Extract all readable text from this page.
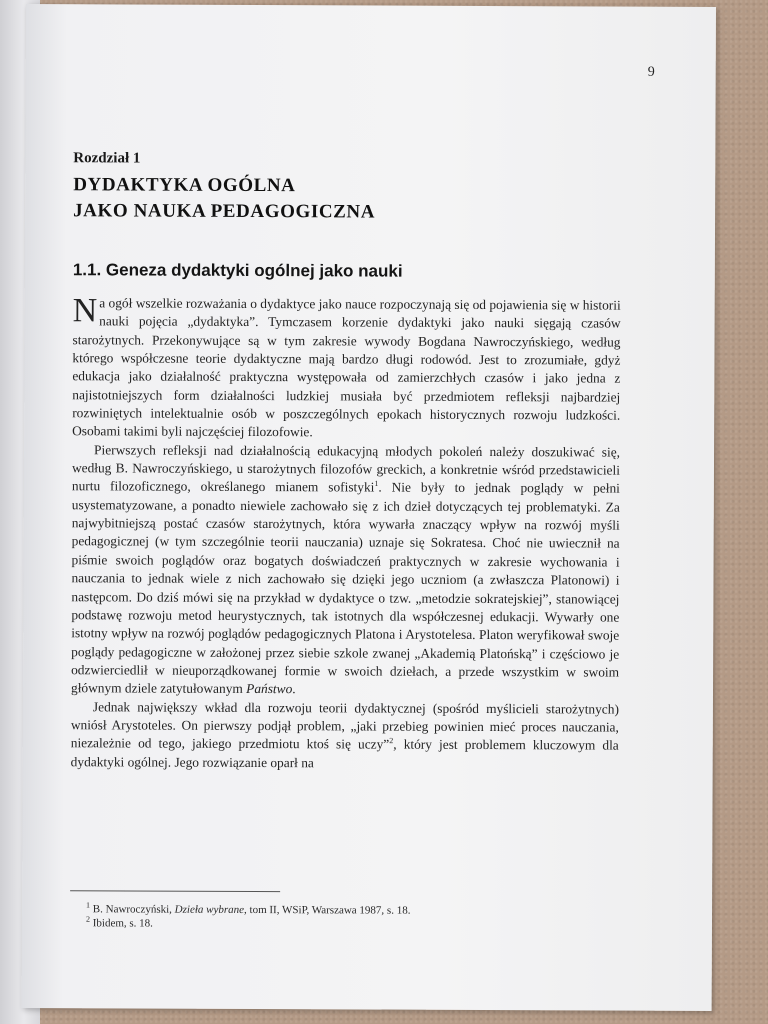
9
Rozdział 1
DYDAKTYKA OGÓLNA
JAKO NAUKA PEDAGOGICZNA
1.1. Geneza dydaktyki ogólnej jako nauki

Na ogół wszelkie rozważania o dydaktyce jako nauce rozpoczynają się od pojawienia się w historii nauki pojęcia „dydaktyka”. Tymczasem korzenie dydaktyki jako nauki sięgają czasów starożytnych. Przekonywujące są w tym zakresie wywody Bogdana Nawroczyńskiego, według którego współczesne teorie dydaktyczne mają bardzo długi rodowód. Jest to zrozumiałe, gdyż edukacja jako działalność praktyczna występowała od zamierzchłych czasów i jako jedna z najistotniejszych form działalności ludzkiej musiała być przedmiotem refleksji najbardziej rozwiniętych intelektualnie osób w poszczególnych epokach historycznych rozwoju ludzkości. Osobami takimi byli najczęściej filozofowie.

Pierwszych refleksji nad działalnością edukacyjną młodych pokoleń należy doszukiwać się, według B. Nawroczyńskiego, u starożytnych filozofów greckich, a konkretnie wśród przedstawicieli nurtu filozoficznego, określanego mianem sofistyki$^1$. Nie były to jednak poglądy w pełni usystematyzowane, a ponadto niewiele zachowało się z ich dzieł dotyczących tej problematyki. Za najwybitniejszą postać czasów starożytnych, która wywarła znaczący wpływ na rozwój myśli pedagogicznej (w tym szczególnie teorii nauczania) uznaje się Sokratesa. Choć nie uwiecznił na piśmie swoich poglądów oraz bogatych doświadczeń praktycznych w zakresie wychowania i nauczania to jednak wiele z nich zachowało się dzięki jego uczniom (a zwłaszcza Platonowi) i następcom. Do dziś mówi się na przykład w dydaktyce o tzw. „metodzie sokratejskiej”, stanowiącej podstawę rozwoju metod heurystycznych, tak istotnych dla współczesnej edukacji. Wywarły one istotny wpływ na rozwój poglądów pedagogicznych Platona i Arystotelesa. Platon weryfikował swoje poglądy pedagogiczne w założonej przez siebie szkole zwanej „Akademią Platońską” i częściowo je odzwierciedlił w nieuporządkowanej formie w swoich dziełach, a przede wszystkim w swoim głównym dziele zatytułowanym Państwo.

Jednak największy wkład dla rozwoju teorii dydaktycznej (spośród myślicieli starożytnych) wniósł Arystoteles. On pierwszy podjął problem, „jaki przebieg powinien mieć proces nauczania, niezależnie od tego, jakiego przedmiotu ktoś się uczy”$^2$, który jest problemem kluczowym dla dydaktyki ogólnej. Jego rozwiązanie oparł na

$^1$ B. Nawroczyński, Dzieła wybrane, tom II, WSiP, Warszawa 1987, s. 18.
$^2$ Ibidem, s. 18.
